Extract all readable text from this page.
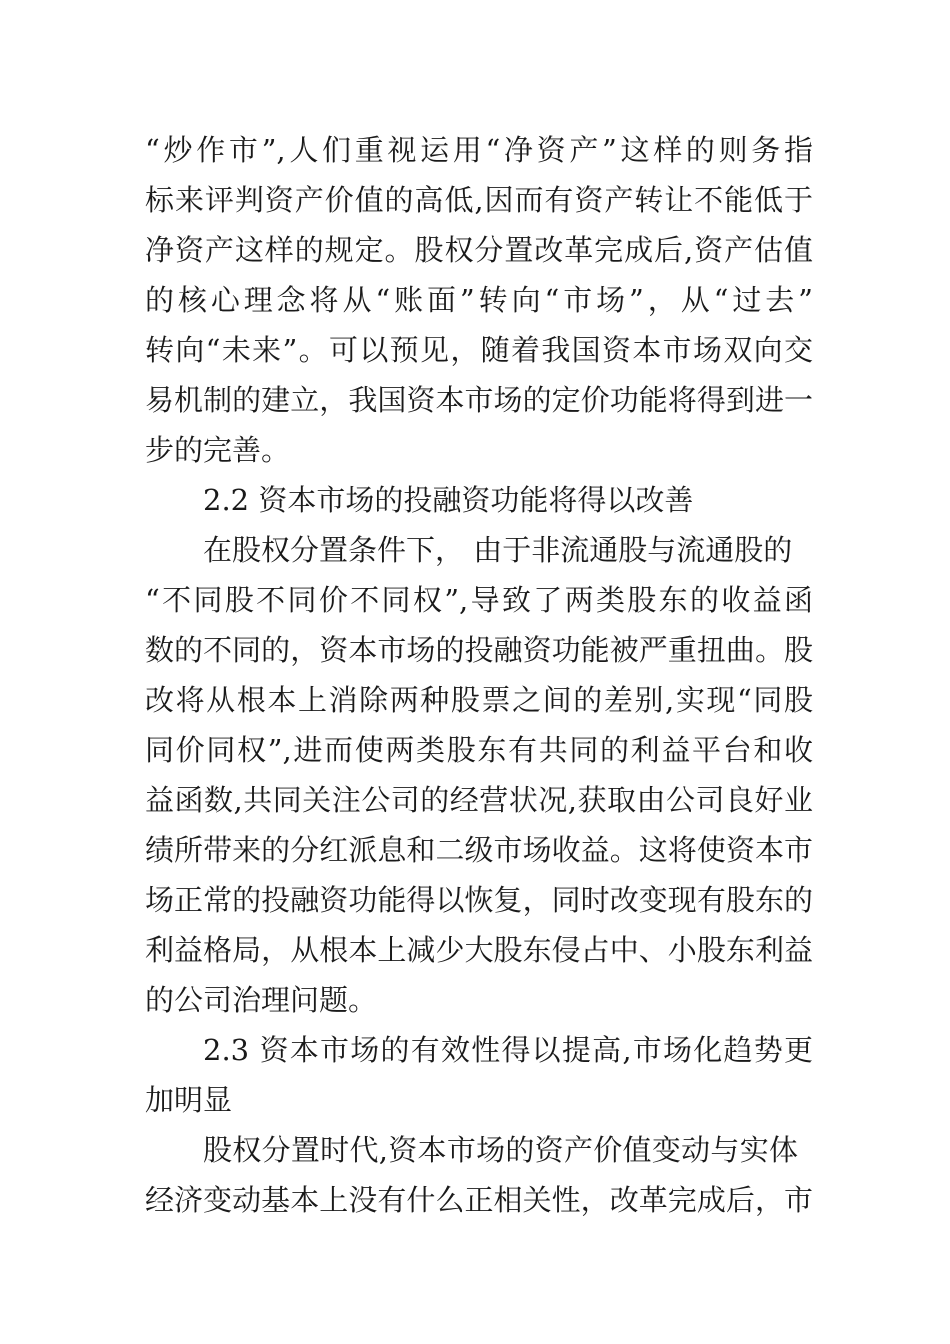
“炒作市”,人们重视运用“净资产”这样的则务指
标来评判资产价值的高低,因而有资产转让不能低于
净资产这样的规定。股权分置改革完成后,资产估值
的核心理念将从“账面”转向“市场”，从“过去”
转向“未来”。可以预见，随着我国资本市场双向交
易机制的建立，我国资本市场的定价功能将得到进一
步的完善。
2.2 资本市场的投融资功能将得以改善
在股权分置条件下， 由于非流通股与流通股的
“不同股不同价不同权”,导致了两类股东的收益函
数的不同的，资本市场的投融资功能被严重扭曲。股
改将从根本上消除两种股票之间的差别,实现“同股
同价同权”,进而使两类股东有共同的利益平台和收
益函数,共同关注公司的经营状况,获取由公司良好业
绩所带来的分红派息和二级市场收益。这将使资本市
场正常的投融资功能得以恢复，同时改变现有股东的
利益格局，从根本上减少大股东侵占中、小股东利益
的公司治理问题。
2.3 资本市场的有效性得以提高,市场化趋势更
加明显
股权分置时代,资本市场的资产价值变动与实体
经济变动基本上没有什么正相关性，改革完成后，市
